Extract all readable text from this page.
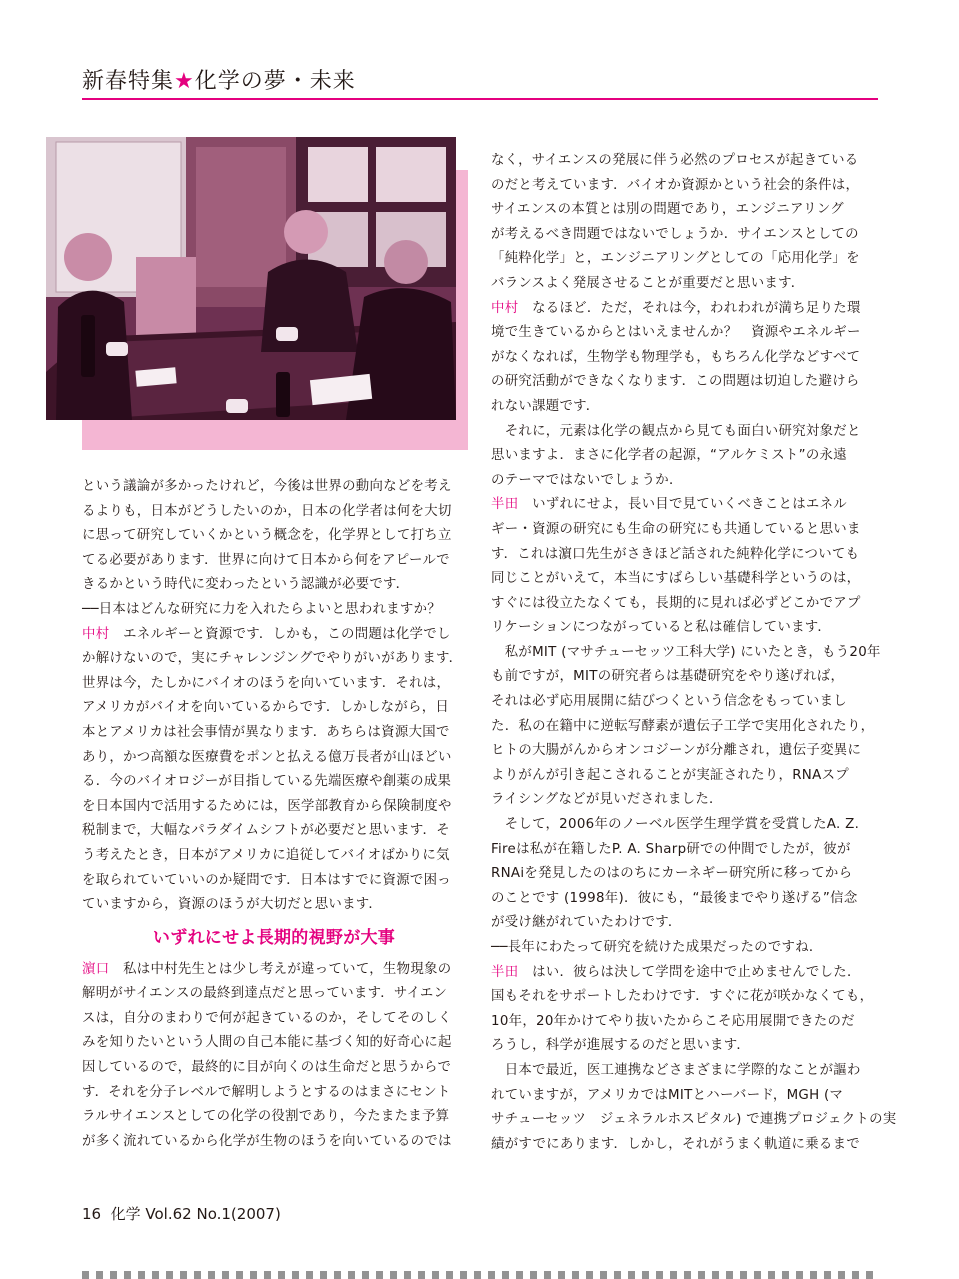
新春特集★化学の夢・未来

という議論が多かったけれど，今後は世界の動向などを考え

るよりも，日本がどうしたいのか，日本の化学者は何を大切

に思って研究していくかという概念を，化学界として打ち立

てる必要があります．世界に向けて日本から何をアピールで

きるかという時代に変わったという認識が必要です．

──日本はどんな研究に力を入れたらよいと思われますか？

中村　エネルギーと資源です．しかも，この問題は化学でし

か解けないので，実にチャレンジングでやりがいがあります．

世界は今，たしかにバイオのほうを向いています．それは，

アメリカがバイオを向いているからです．しかしながら，日

本とアメリカは社会事情が異なります．あちらは資源大国で

あり，かつ高額な医療費をポンと払える億万長者が山ほどい

る．今のバイオロジーが目指している先端医療や創薬の成果

を日本国内で活用するためには，医学部教育から保険制度や

税制まで，大幅なパラダイムシフトが必要だと思います．そ

う考えたとき，日本がアメリカに追従してバイオばかりに気

を取られていていいのか疑問です．日本はすでに資源で困っ

ていますから，資源のほうが大切だと思います．

いずれにせよ長期的視野が大事

濵口　私は中村先生とは少し考えが違っていて，生物現象の

解明がサイエンスの最終到達点だと思っています．サイエン

スは，自分のまわりで何が起きているのか，そしてそのしく

みを知りたいという人間の自己本能に基づく知的好奇心に起

因しているので，最終的に目が向くのは生命だと思うからで

す．それを分子レベルで解明しようとするのはまさにセント

ラルサイエンスとしての化学の役割であり，今たまたま予算

が多く流れているから化学が生物のほうを向いているのでは

なく，サイエンスの発展に伴う必然のプロセスが起きている

のだと考えています．バイオか資源かという社会的条件は，

サイエンスの本質とは別の問題であり，エンジニアリング

が考えるべき問題ではないでしょうか．サイエンスとしての

「純粋化学」と，エンジニアリングとしての「応用化学」を

バランスよく発展させることが重要だと思います．

中村　なるほど．ただ，それは今，われわれが満ち足りた環

境で生きているからとはいえませんか？　資源やエネルギー

がなくなれば，生物学も物理学も，もちろん化学などすべて

の研究活動ができなくなります．この問題は切迫した避けら

れない課題です．

　それに，元素は化学の観点から見ても面白い研究対象だと

思いますよ．まさに化学者の起源，“アルケミスト”の永遠

のテーマではないでしょうか．

半田　いずれにせよ，長い目で見ていくべきことはエネル

ギー・資源の研究にも生命の研究にも共通していると思いま

す．これは濵口先生がさきほど話された純粋化学についても

同じことがいえて，本当にすばらしい基礎科学というのは，

すぐには役立たなくても，長期的に見れば必ずどこかでアプ

リケーションにつながっていると私は確信しています．

　私がMIT (マサチューセッツ工科大学) にいたとき，もう20年

も前ですが，MITの研究者らは基礎研究をやり遂げれば，

それは必ず応用展開に結びつくという信念をもっていまし

た．私の在籍中に逆転写酵素が遺伝子工学で実用化されたり，

ヒトの大腸がんからオンコジーンが分離され，遺伝子変異に

よりがんが引き起こされることが実証されたり，RNAスプ

ライシングなどが見いだされました．

　そして，2006年のノーベル医学生理学賞を受賞したA. Z.

Fireは私が在籍したP. A. Sharp研での仲間でしたが，彼が

RNAiを発見したのはのちにカーネギー研究所に移ってから

のことです (1998年)．彼にも，“最後までやり遂げる”信念

が受け継がれていたわけです．

──長年にわたって研究を続けた成果だったのですね．

半田　はい．彼らは決して学問を途中で止めませんでした．

国もそれをサポートしたわけです．すぐに花が咲かなくても，

10年，20年かけてやり抜いたからこそ応用展開できたのだ

ろうし，科学が進展するのだと思います．

　日本で最近，医工連携などさまざまに学際的なことが謳わ

れていますが，アメリカではMITとハーバード，MGH (マ

サチューセッツ　ジェネラルホスピタル) で連携プロジェクトの実

績がすでにあります．しかし，それがうまく軌道に乗るまで

16 化学 Vol.62 No.1(2007)
